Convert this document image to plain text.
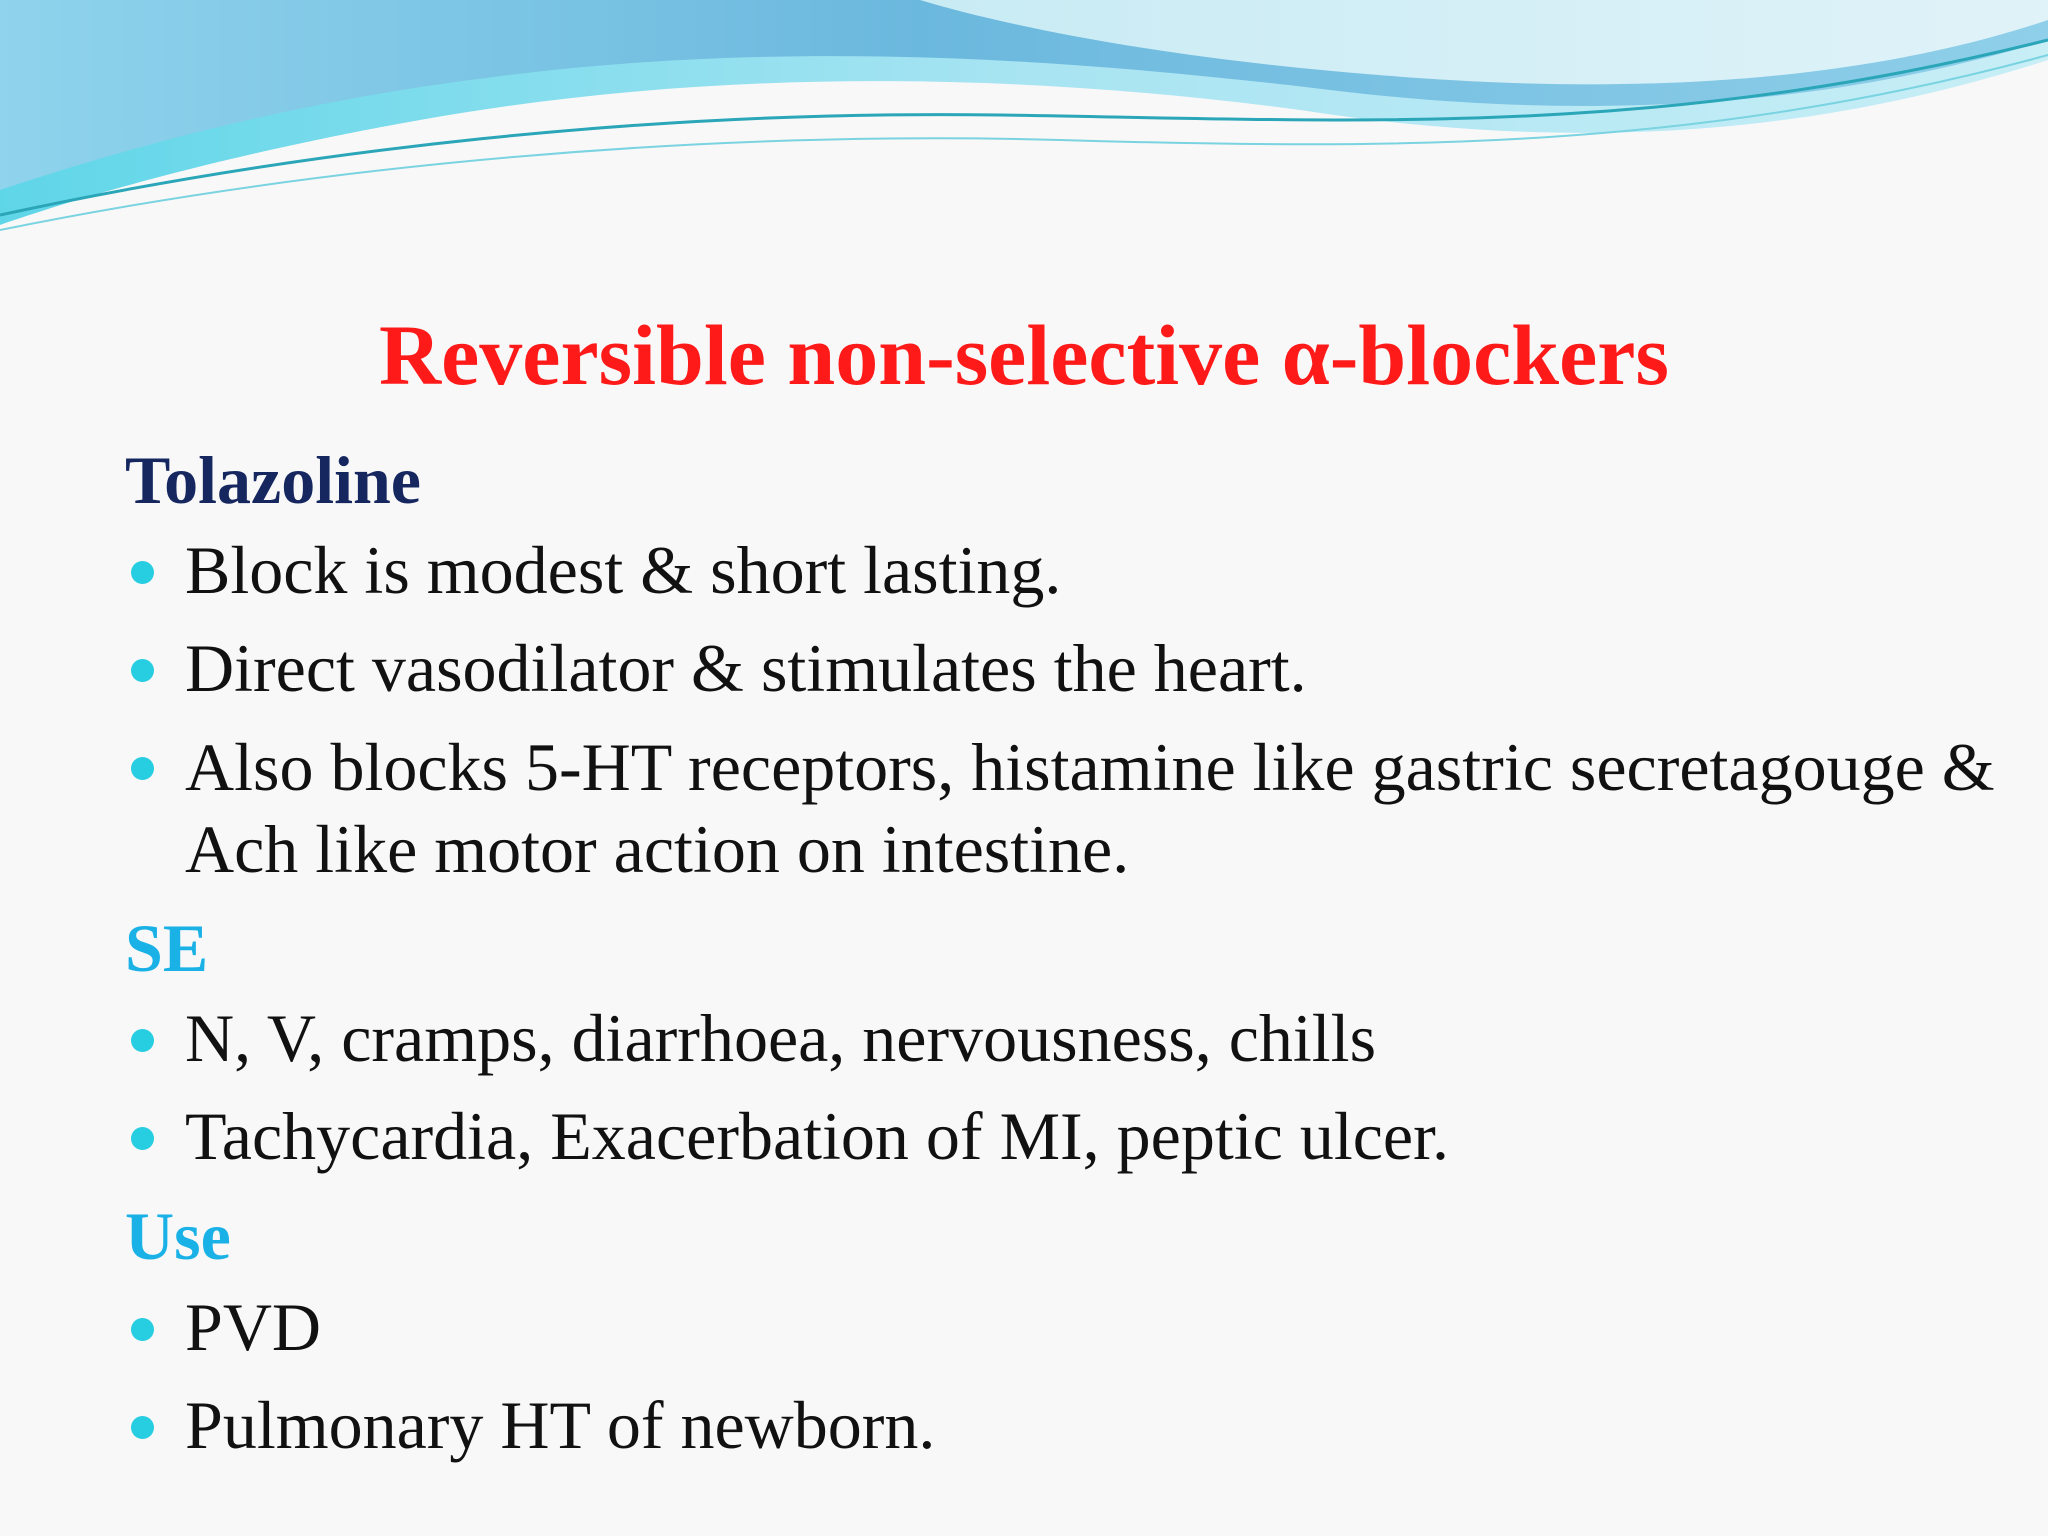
Reversible non-selective α-blockers
Tolazoline
Block is modest & short lasting.
Direct vasodilator & stimulates the heart.
Also blocks 5-HT receptors, histamine like gastric secretagouge & Ach like motor action on intestine.
SE
N, V, cramps, diarrhoea, nervousness, chills
Tachycardia, Exacerbation of MI, peptic ulcer.
Use
PVD
Pulmonary HT of newborn.
